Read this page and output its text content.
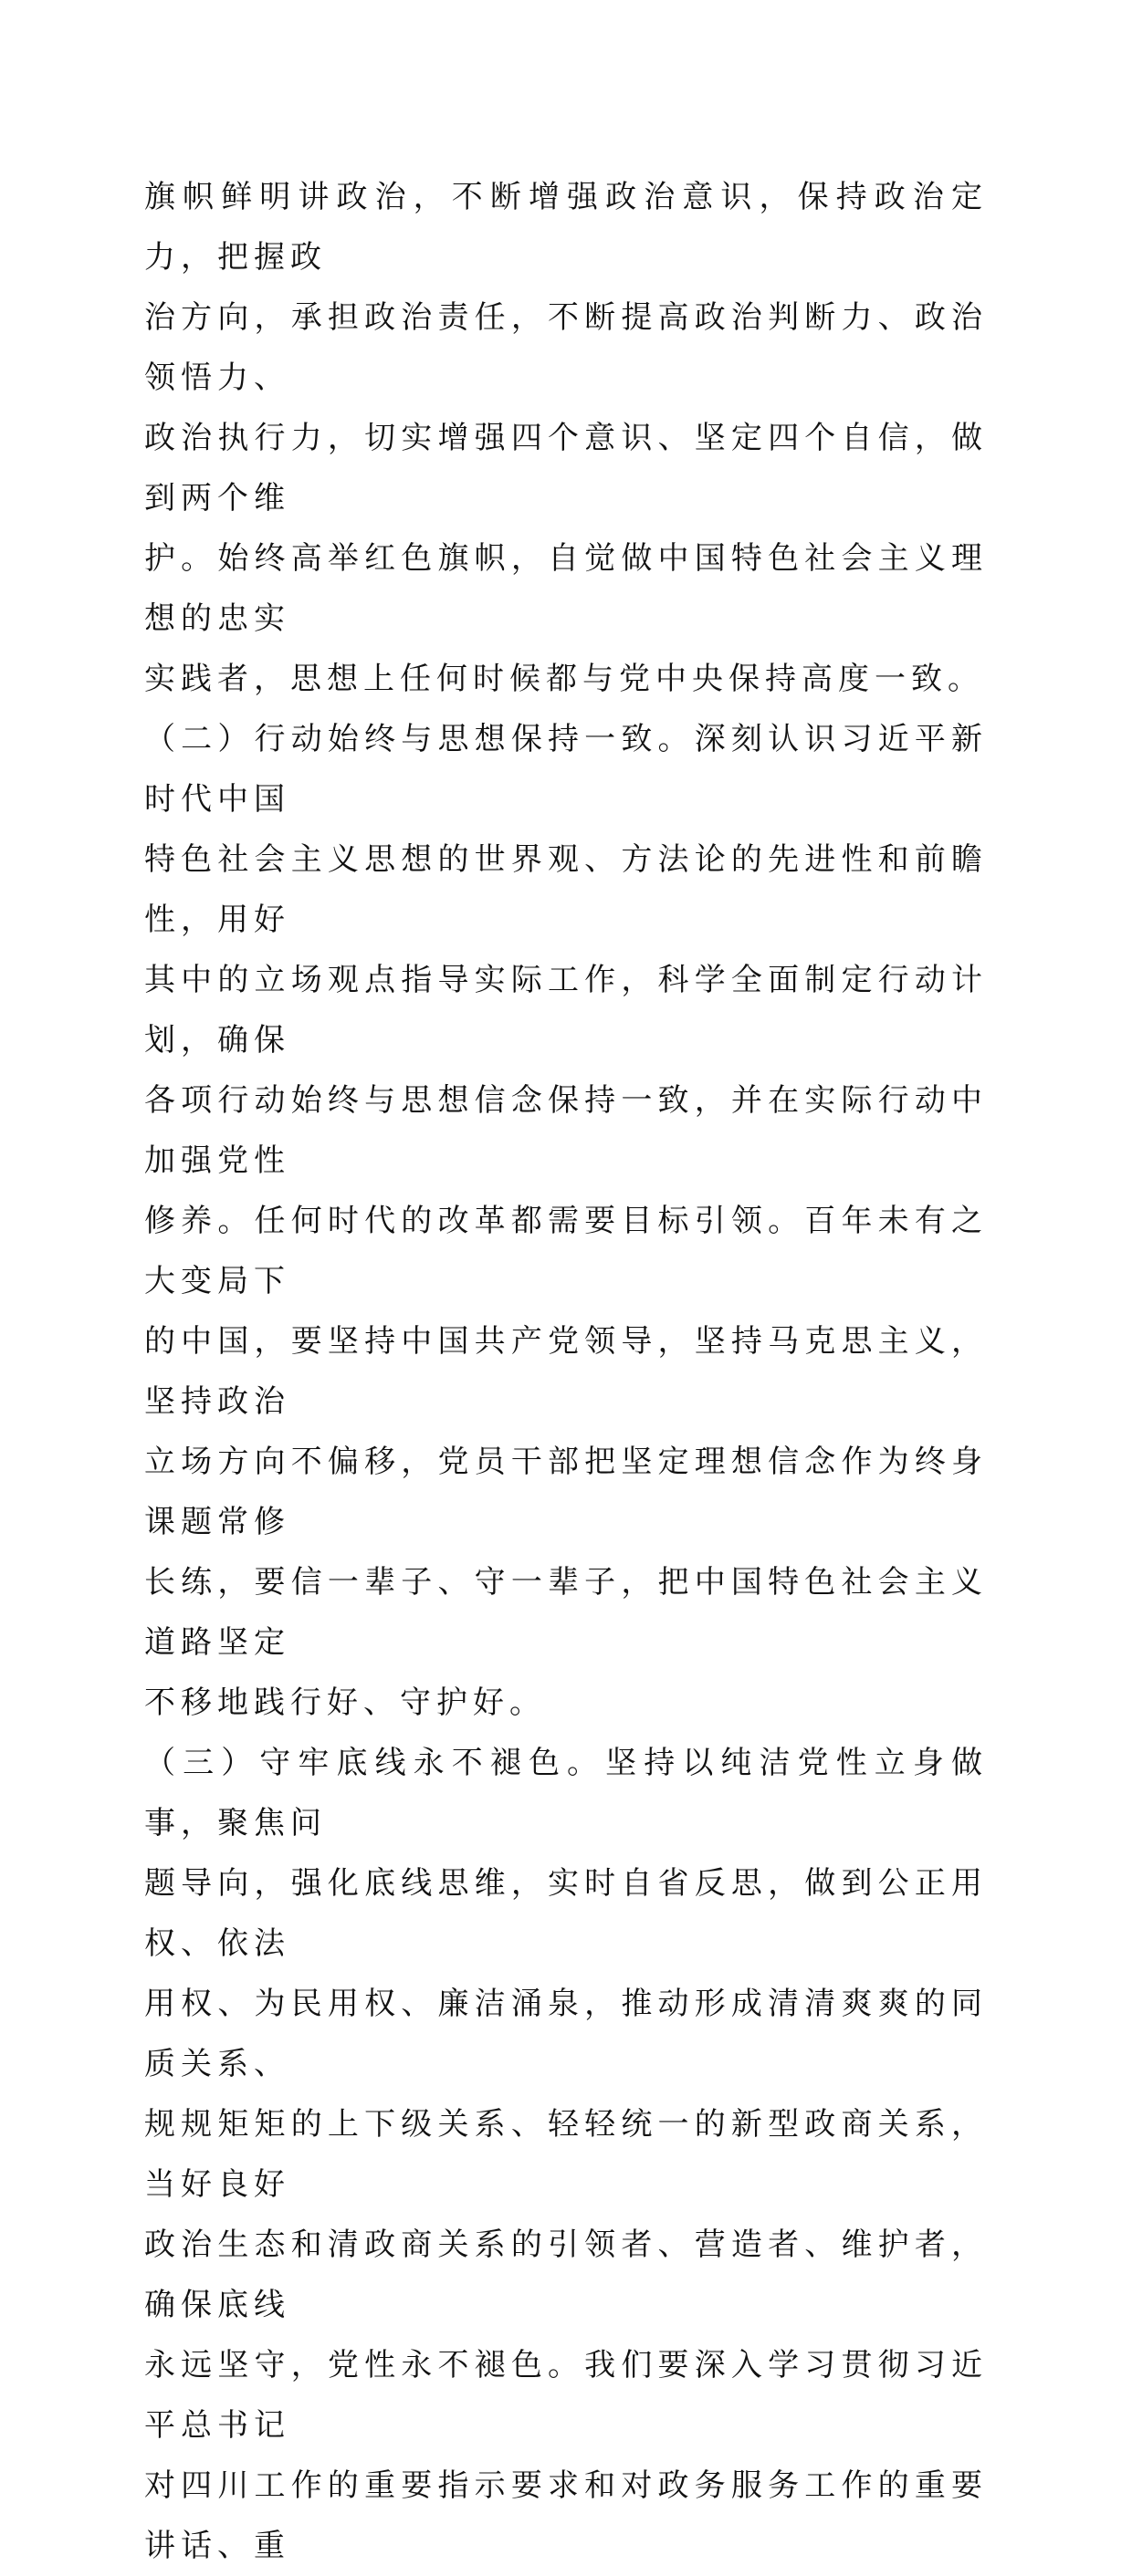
旗帜鲜明讲政治，不断增强政治意识，保持政治定力，把握政
治方向，承担政治责任，不断提高政治判断力、政治领悟力、
政治执行力，切实增强四个意识、坚定四个自信，做到两个维
护。始终高举红色旗帜，自觉做中国特色社会主义理想的忠实
实践者，思想上任何时候都与党中央保持高度一致。
（二）行动始终与思想保持一致。深刻认识习近平新时代中国
特色社会主义思想的世界观、方法论的先进性和前瞻性，用好
其中的立场观点指导实际工作，科学全面制定行动计划，确保
各项行动始终与思想信念保持一致，并在实际行动中加强党性
修养。任何时代的改革都需要目标引领。百年未有之大变局下
的中国，要坚持中国共产党领导，坚持马克思主义，坚持政治
立场方向不偏移，党员干部把坚定理想信念作为终身课题常修
长练，要信一辈子、守一辈子，把中国特色社会主义道路坚定
不移地践行好、守护好。
（三）守牢底线永不褪色。坚持以纯洁党性立身做事，聚焦问
题导向，强化底线思维，实时自省反思，做到公正用权、依法
用权、为民用权、廉洁涌泉，推动形成清清爽爽的同质关系、
规规矩矩的上下级关系、轻轻统一的新型政商关系，当好良好
政治生态和清政商关系的引领者、营造者、维护者，确保底线
永远坚守，党性永不褪色。我们要深入学习贯彻习近平总书记
对四川工作的重要指示要求和对政务服务工作的重要讲话、重
